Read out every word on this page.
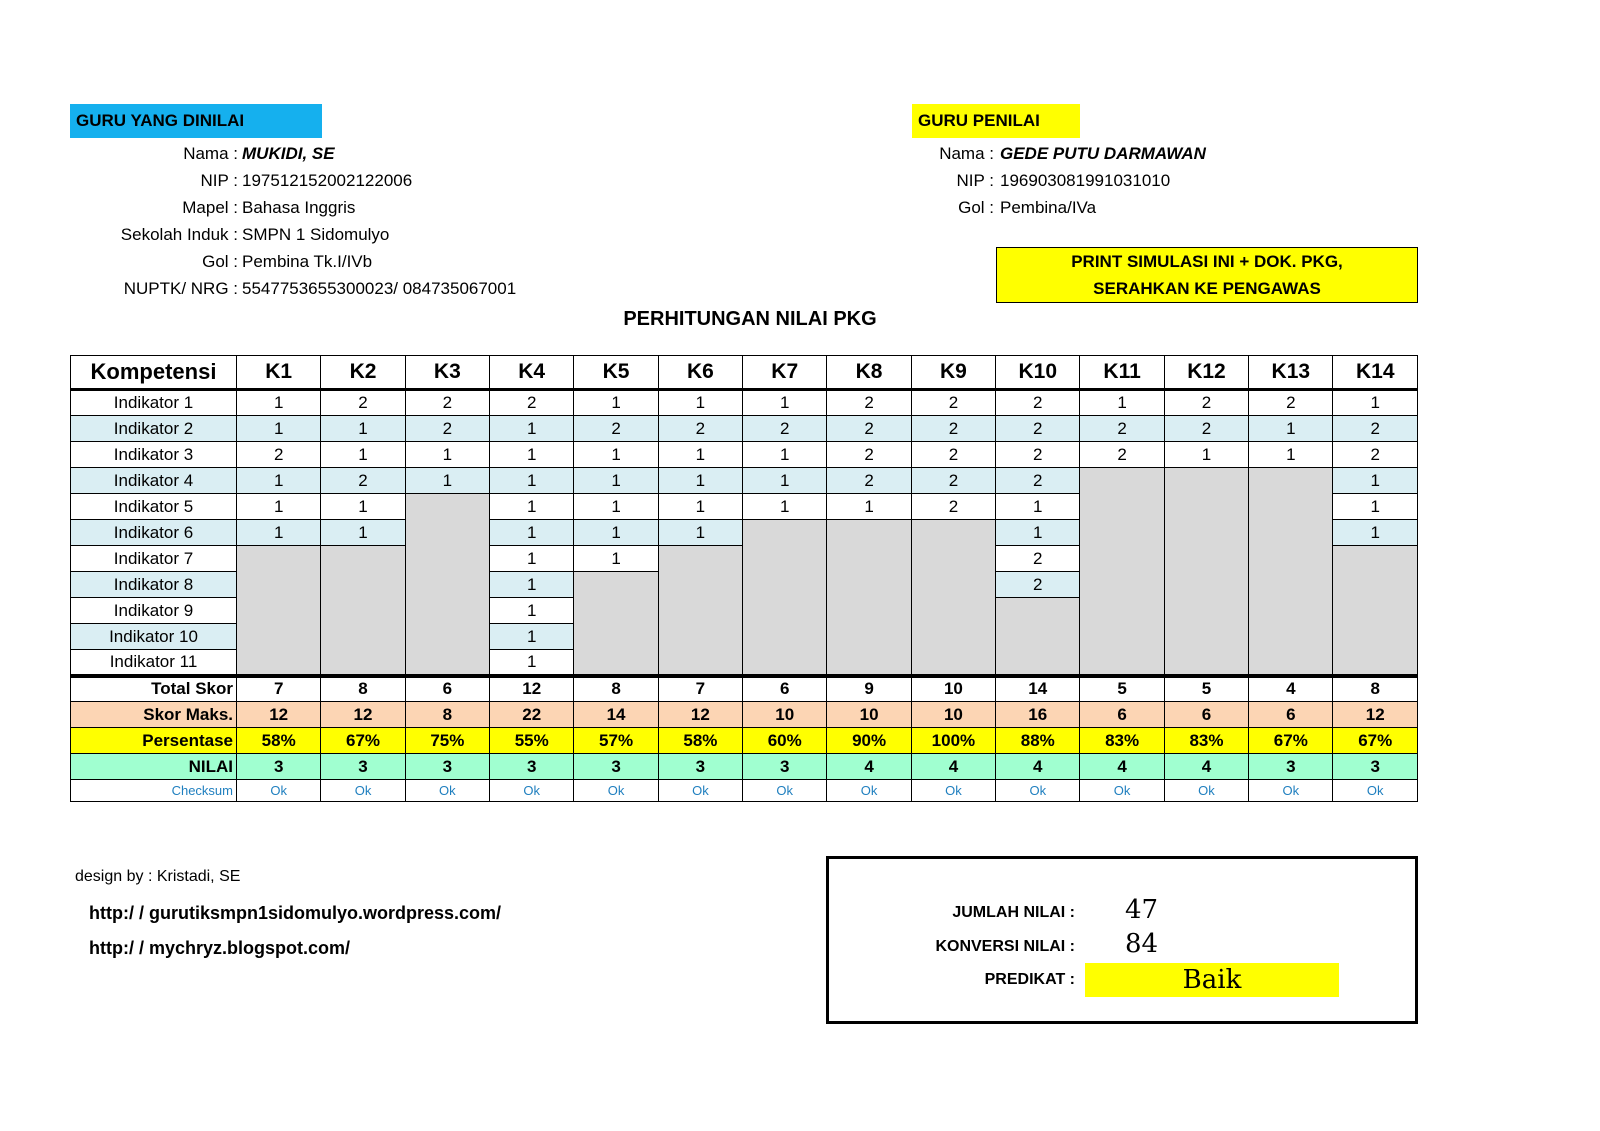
GURU YANG DINILAI
Nama : MUKIDI, SE
NIP : 197512152002122006
Mapel : Bahasa Inggris
Sekolah Induk : SMPN 1 Sidomulyo
Gol : Pembina Tk.I/IVb
NUPTK/ NRG : 5547753655300023/ 084735067001
GURU PENILAI
Nama : GEDE PUTU DARMAWAN
NIP : 196903081991031010
Gol : Pembina/IVa
PRINT SIMULASI INI + DOK. PKG,
SERAHKAN KE PENGAWAS
PERHITUNGAN NILAI PKG
Kompetensi	K1	K2	K3	K4	K5	K6	K7	K8	K9	K10	K11	K12	K13	K14
Indikator 1	1	2	2	2	1	1	1	2	2	2	1	2	2	1
Indikator 2	1	1	2	1	2	2	2	2	2	2	2	2	1	2
Indikator 3	2	1	1	1	1	1	1	2	2	2	2	1	1	2
Indikator 4	1	2	1	1	1	1	1	2	2	2				1
Indikator 5	1	1		1	1	1	1	1	2	1				1
Indikator 6	1	1		1	1	1				1				1
Indikator 7				1	1					2				
Indikator 8				1						2				
Indikator 9				1										
Indikator 10				1										
Indikator 11				1										
Total Skor	7	8	6	12	8	7	6	9	10	14	5	5	4	8
Skor Maks.	12	12	8	22	14	12	10	10	10	16	6	6	6	12
Persentase	58%	67%	75%	55%	57%	58%	60%	90%	100%	88%	83%	83%	67%	67%
NILAI	3	3	3	3	3	3	3	4	4	4	4	4	3	3
Checksum	Ok	Ok	Ok	Ok	Ok	Ok	Ok	Ok	Ok	Ok	Ok	Ok	Ok	Ok
design by : Kristadi, SE
http:/ / gurutiksmpn1sidomulyo.wordpress.com/
http:/ / mychryz.blogspot.com/
JUMLAH NILAI : 47
KONVERSI NILAI : 84
PREDIKAT :	Baik
